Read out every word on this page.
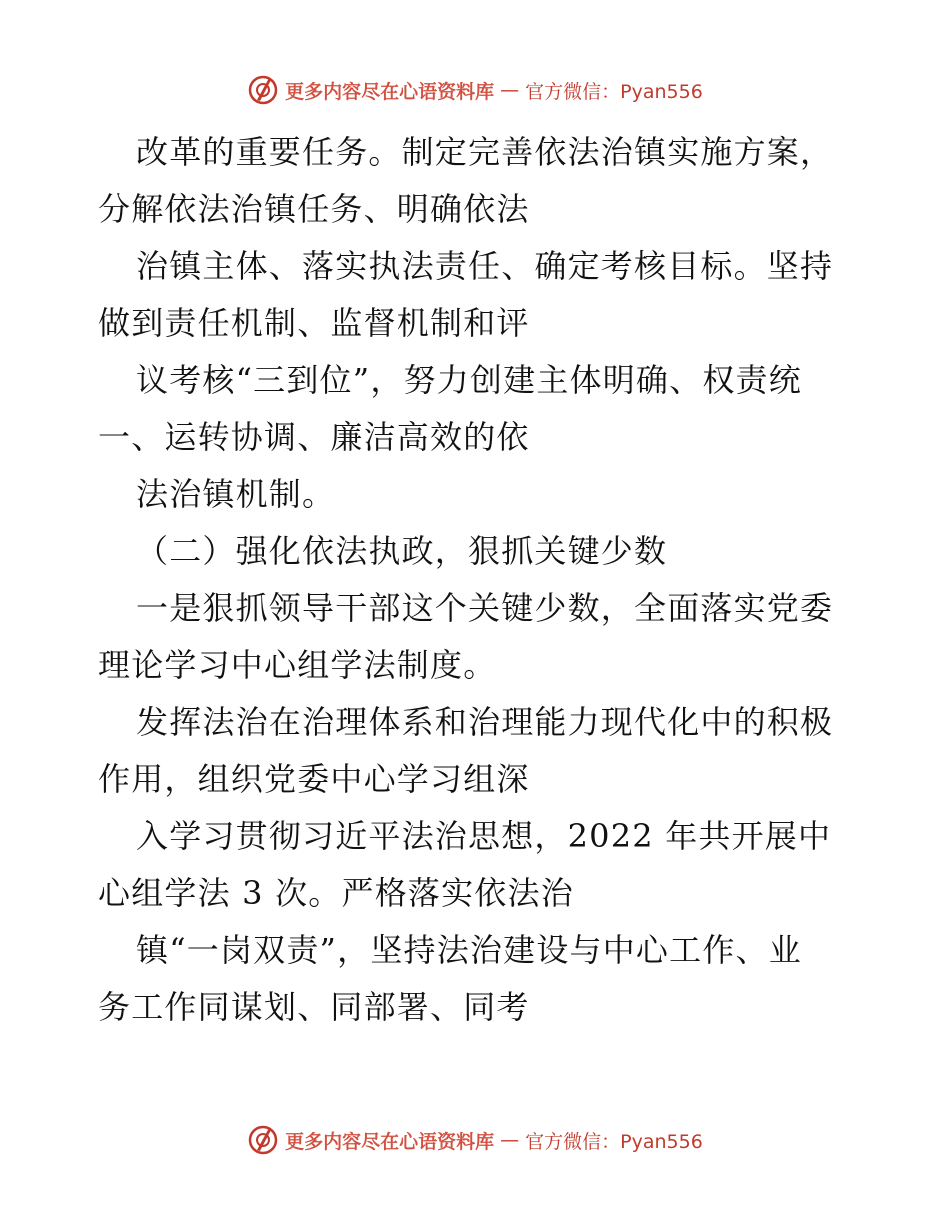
更多内容尽在心语资料库 — 官方微信：Pyan556

改革的重要任务。制定完善依法治镇实施方案，
分解依法治镇任务、明确依法

治镇主体、落实执法责任、确定考核目标。坚持
做到责任机制、监督机制和评

议考核“三到位”，努力创建主体明确、权责统
一、运转协调、廉洁高效的依

法治镇机制。

（二）强化依法执政，狠抓关键少数

一是狠抓领导干部这个关键少数，全面落实党委
理论学习中心组学法制度。

发挥法治在治理体系和治理能力现代化中的积极
作用，组织党委中心学习组深

入学习贯彻习近平法治思想，2022 年共开展中
心组学法 3 次。严格落实依法治

镇“一岗双责”，坚持法治建设与中心工作、业
务工作同谋划、同部署、同考

更多内容尽在心语资料库 — 官方微信：Pyan556
